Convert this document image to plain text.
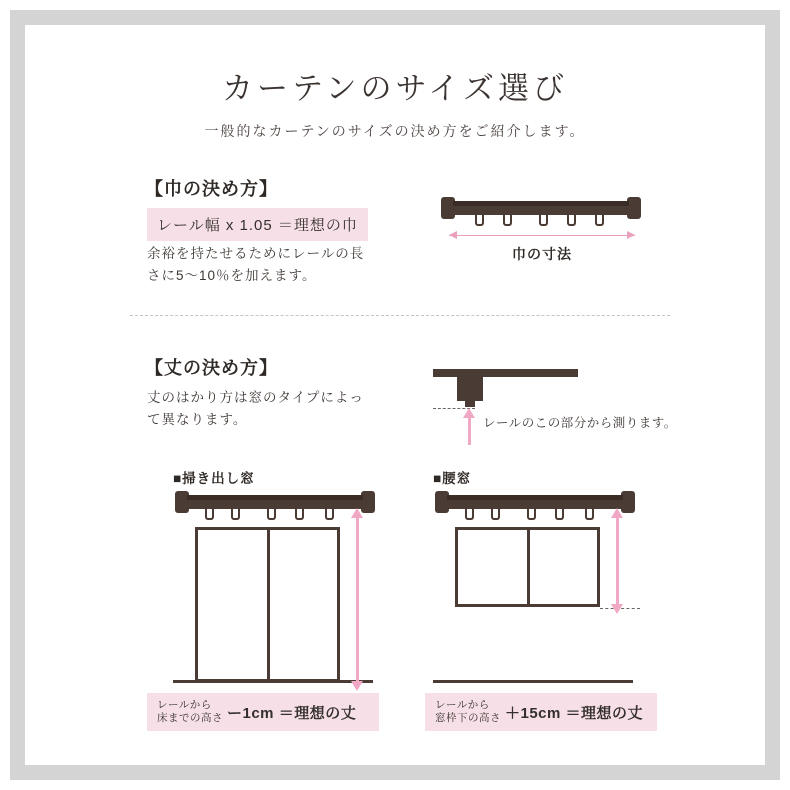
カーテンのサイズ選び
一般的なカーテンのサイズの決め方をご紹介します。
【巾の決め方】
レール幅 x 1.05 ＝理想の巾
余裕を持たせるためにレールの長さに5〜10％を加えます。
巾の寸法
【丈の決め方】
丈のはかり方は窓のタイプによって異なります。	レールのこの部分から測ります。
■掃き出し窓
レールから
床までの高さ ー1cm ＝理想の丈
■腰窓
レールから
窓枠下の高さ ＋15cm ＝理想の丈
